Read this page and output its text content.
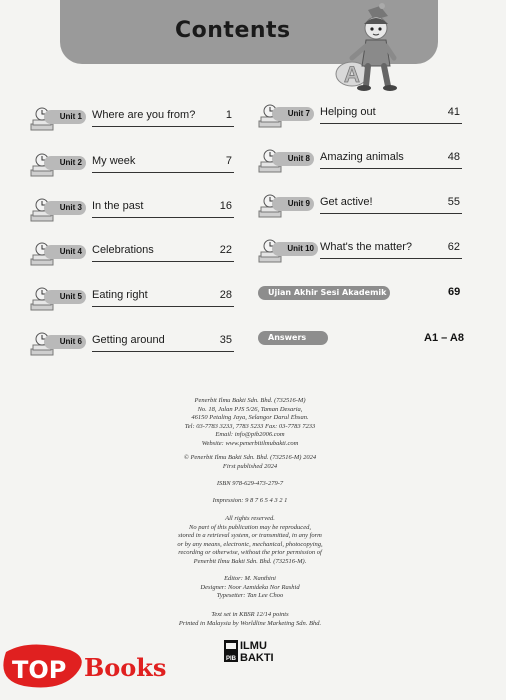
Contents
A
Unit 1 Where are you from?	1
Unit 2 My week	7
Unit 3 In the past	16
Unit 4 Celebrations	22
Unit 5 Eating right	28
Unit 6 Getting around	35
Unit 7 Helping out	41
Unit 8 Amazing animals	48
Unit 9 Get active!	55
Unit 10 What's the matter?	62
Ujian Akhir Sesi Akademik	69
Answers	A1 – A8
Penerbit Ilmu Bakti Sdn. Bhd. (732516-M)
No. 18, Jalan PJS 5/26, Taman Desaria,
46150 Petaling Jaya, Selangor Darul Ehsan.
Tel: 03-7783 3233, 7783 5233 Fax: 03-7783 7233
Email: info@pib2006.com
Website: www.penerbitilmubakti.com
© Penerbit Ilmu Bakti Sdn. Bhd. (732516-M) 2024
First published 2024
ISBN 978-629-473-279-7
Impression: 9 8 7 6 5 4 3 2 1
All rights reserved.
No part of this publication may be reproduced,
stored in a retrieval system, or transmitted, in any form
or by any means, electronic, mechanical, photocopying,
recording or otherwise, without the prior permission of
Penerbit Ilmu Bakti Sdn. Bhd. (732516-M).
Editor: M. Nanthini
Designer: Noor Azmideka Nor Rashid
Typesetter: Tan Lee Choo
Text set in KBSR 12/14 points
Printed in Malaysia by Worldline Marketing Sdn. Bhd.
PIB
ILMU
BAKTI
TOP Books
